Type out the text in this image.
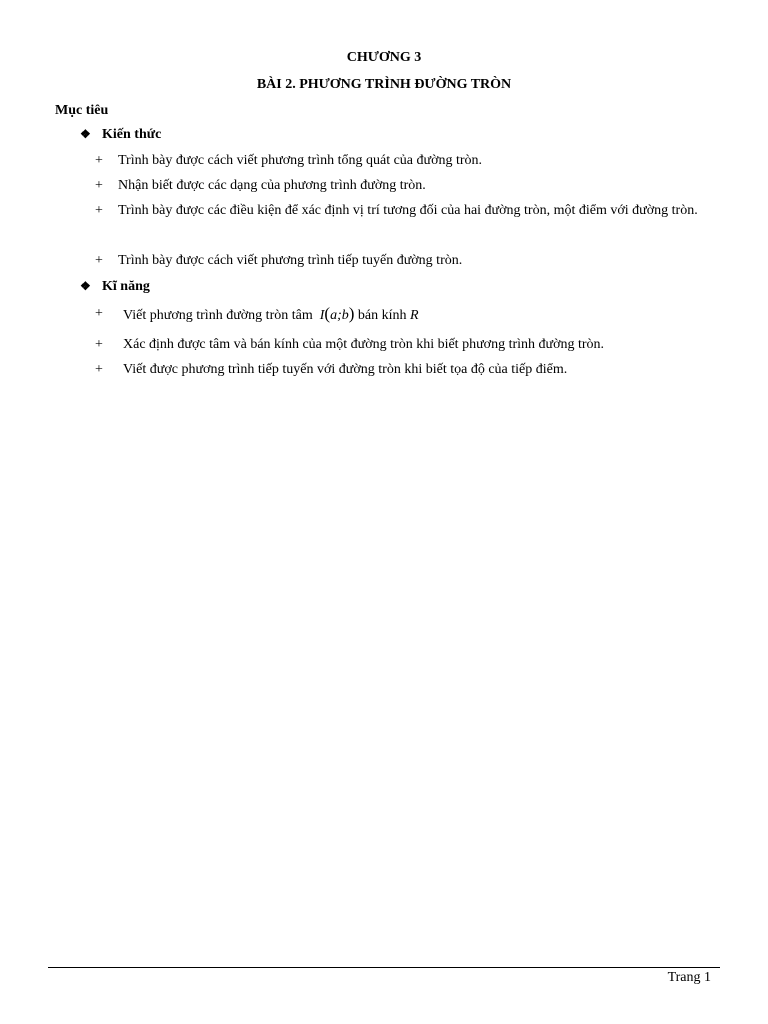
CHƯƠNG 3
BÀI 2. PHƯƠNG TRÌNH ĐƯỜNG TRÒN
Mục tiêu
❖ Kiến thức
+	Trình bày được cách viết phương trình tổng quát của đường tròn.
+	Nhận biết được các dạng của phương trình đường tròn.
+	Trình bày được các điều kiện để xác định vị trí tương đối của hai đường tròn, một điểm với đường tròn.
+	Trình bày được cách viết phương trình tiếp tuyến đường tròn.
❖ Kĩ năng
+	Viết phương trình đường tròn tâm I(a;b) bán kính R
+	Xác định được tâm và bán kính của một đường tròn khi biết phương trình đường tròn.
+	Viết được phương trình tiếp tuyến với đường tròn khi biết tọa độ của tiếp điểm.
Trang 1
